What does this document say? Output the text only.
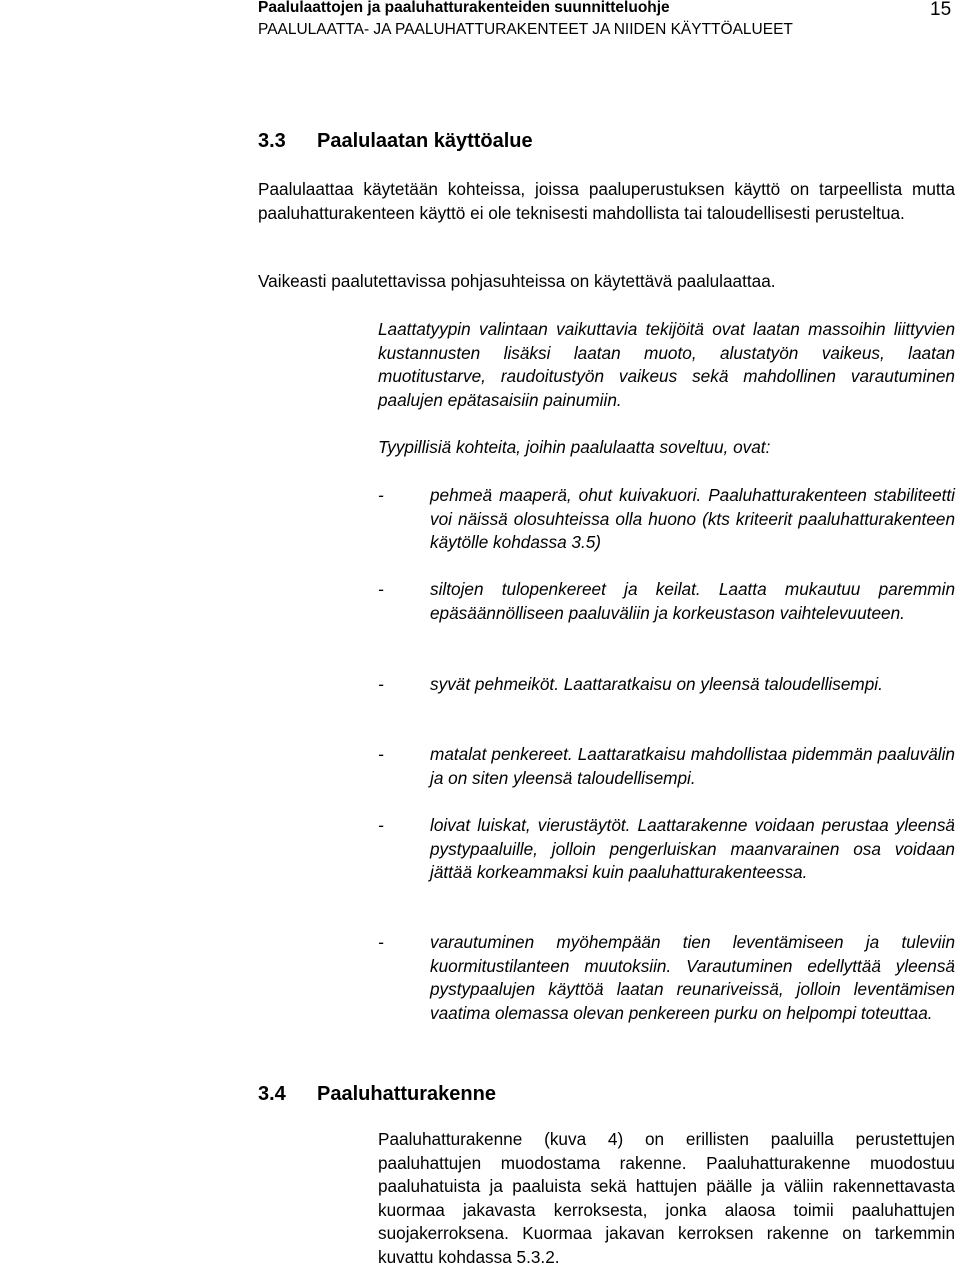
Paalulaattojen ja paaluhatturakenteiden suunnitteluohje
PAALULAATTA- JA PAALUHATTURAKENTEET JA NIIDEN KÄYTTÖALUEET
15
3.3 Paalulaatan käyttöalue
Paalulaattaa käytetään kohteissa, joissa paaluperustuksen käyttö on tarpeellista mutta paaluhatturakenteen käyttö ei ole teknisesti mahdollista tai taloudellisesti perusteltua.
Vaikeasti paalutettavissa pohjasuhteissa on käytettävä paalulaattaa.
Laattatyypin valintaan vaikuttavia tekijöitä ovat laatan massoihin liittyvien kustannusten lisäksi laatan muoto, alustatyön vaikeus, laatan muotitustarve, raudoitustyön vaikeus sekä mahdollinen varautuminen paalujen epätasaisiin painumiin.
Tyypillisiä kohteita, joihin paalulaatta soveltuu, ovat:
-	pehmeä maaperä, ohut kuivakuori. Paaluhatturakenteen stabiliteetti voi näissä olosuhteissa olla huono (kts kriteerit paaluhatturakenteen käytölle kohdassa 3.5)
-	siltojen tulopenkereet ja keilat. Laatta mukautuu paremmin epäsäännölliseen paaluväliin ja korkeustason vaihtelevuuteen.
-	syvät pehmeiköt. Laattaratkaisu on yleensä taloudellisempi.
-	matalat penkereet. Laattaratkaisu mahdollistaa pidemmän paaluvälin ja on siten yleensä taloudellisempi.
-	loivat luiskat, vierustäytöt. Laattarakenne voidaan perustaa yleensä pystypaaluille, jolloin pengerluiskan maanvarainen osa voidaan jättää korkeammaksi kuin paaluhatturakenteessa.
-	varautuminen myöhempään tien leventämiseen ja tuleviin kuormitustilanteen muutoksiin. Varautuminen edellyttää yleensä pystypaalujen käyttöä laatan reunariveissä, jolloin leventämisen vaatima olemassa olevan penkereen purku on helpompi toteuttaa.
3.4 Paaluhatturakenne
Paaluhatturakenne (kuva 4) on erillisten paaluilla perustettujen paaluhattujen muodostama rakenne. Paaluhatturakenne muodostuu paaluhatuista ja paaluista sekä hattujen päälle ja väliin rakennettavasta kuormaa jakavasta kerroksesta, jonka alaosa toimii paaluhattujen suojakerroksena. Kuormaa jakavan kerroksen rakenne on tarkemmin kuvattu kohdassa 5.3.2.
